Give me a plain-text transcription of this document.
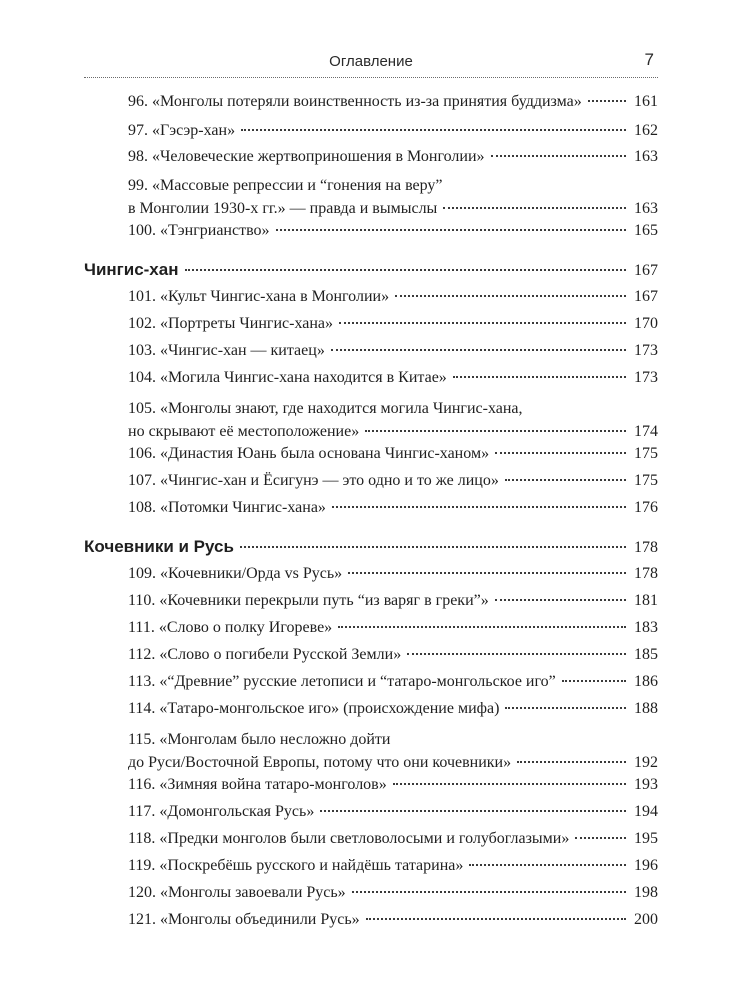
Оглавление	7
96. «Монголы потеряли воинственность из-за принятия буддизма»	161
97. «Гэсэр-хан»	162
98. «Человеческие жертвоприношения в Монголии»	163
99. «Массовые репрессии и “гонения на веру”
в Монголии 1930-х гг.» — правда и вымыслы	163
100. «Тэнгрианство»	165
Чингис-хан	167
101. «Культ Чингис-хана в Монголии»	167
102. «Портреты Чингис-хана»	170
103. «Чингис-хан — китаец»	173
104. «Могила Чингис-хана находится в Китае»	173
105. «Монголы знают, где находится могила Чингис-хана,
но скрывают её местоположение»	174
106. «Династия Юань была основана Чингис-ханом»	175
107. «Чингис-хан и Ёсигунэ — это одно и то же лицо»	175
108. «Потомки Чингис-хана»	176
Кочевники и Русь	178
109. «Кочевники/Орда vs Русь»	178
110. «Кочевники перекрыли путь “из варяг в греки”»	181
111. «Слово о полку Игореве»	183
112. «Слово о погибели Русской Земли»	185
113. «“Древние” русские летописи и “татаро-монгольское иго”	186
114. «Татаро-монгольское иго» (происхождение мифа)	188
115. «Монголам было несложно дойти
до Руси/Восточной Европы, потому что они кочевники»	192
116. «Зимняя война татаро-монголов»	193
117. «Домонгольская Русь»	194
118. «Предки монголов были светловолосыми и голубоглазыми»	195
119. «Поскребёшь русского и найдёшь татарина»	196
120. «Монголы завоевали Русь»	198
121. «Монголы объединили Русь»	200
